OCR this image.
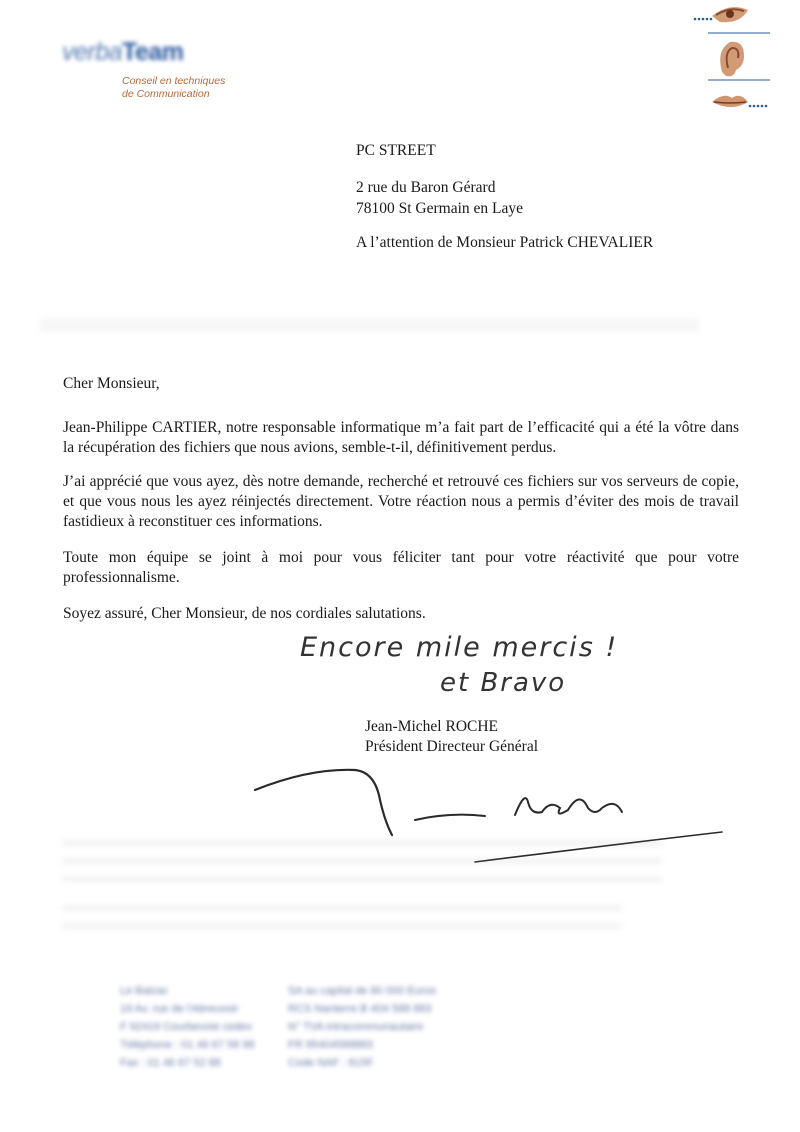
verbaTeam
Conseil en techniques
de Communication
PC STREET
2 rue du Baron Gérard
78100 St Germain en Laye
A l’attention de Monsieur Patrick CHEVALIER
Cher Monsieur,
Jean-Philippe CARTIER, notre responsable informatique m’a fait part de l’efficacité qui a été la vôtre dans la récupération des fichiers que nous avions, semble-t-il, définitivement perdus.
J’ai apprécié que vous ayez, dès notre demande, recherché et retrouvé ces fichiers sur vos serveurs de copie, et que vous nous les ayez réinjectés directement. Votre réaction nous a permis d’éviter des mois de travail fastidieux à reconstituer ces informations.
Toute mon équipe se joint à moi pour vous féliciter tant pour votre réactivité que pour votre professionnalisme.
Soyez assuré, Cher Monsieur, de nos cordiales salutations.
Encore mile mercis !
et Bravo
Jean-Michel ROCHE
Président Directeur Général
Le Balzac
19 Av. rue de l'Abreuvoir
F 92419 Courbevoie cedex
Téléphone : 01 46 67 58 98
Fax : 01 46 67 52 88
SA au capital de 80 000 Euros
RCS Nanterre B 404 588 883
N° TVA intracommunautaire
FR 95404588883
Code NAF : 815F
